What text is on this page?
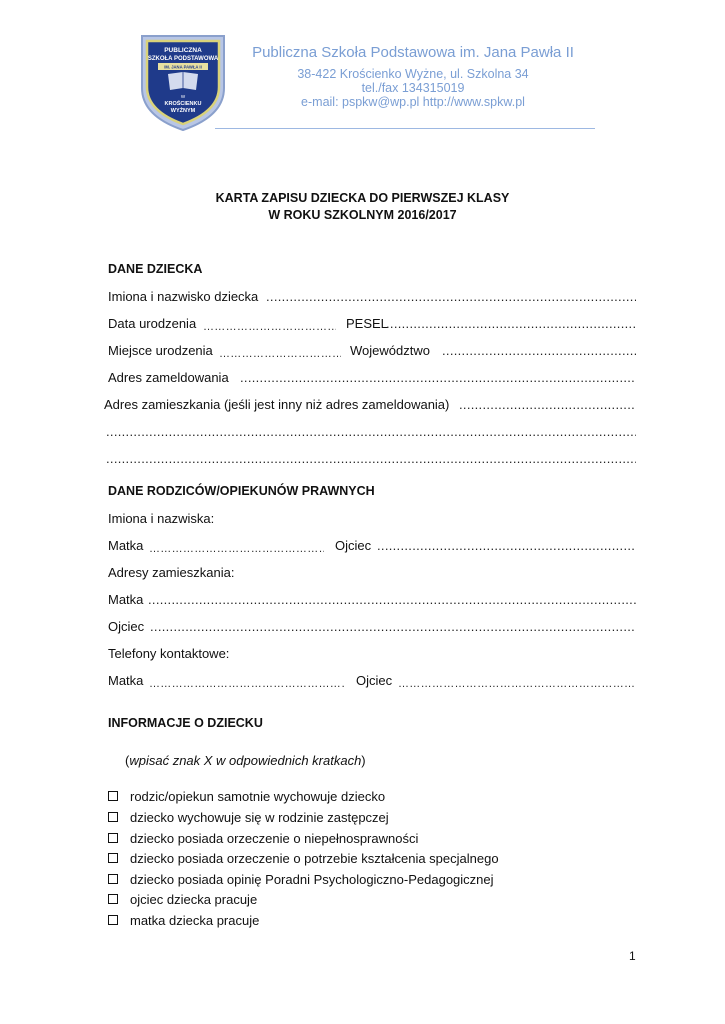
PUBLICZNA
SZKOŁA PODSTAWOWA
IM. JANA PAWŁA II
W
KROŚCIENKU
WYŻNYM
Publiczna Szkoła Podstawowa im. Jana Pawła II
38-422 Krościenko Wyżne, ul. Szkolna 34
tel./fax 134315019
e-mail: pspkw@wp.pl http://www.spkw.pl
KARTA ZAPISU DZIECKA DO PIERWSZEJ KLASY
W ROKU SZKOLNYM 2016/2017
DANE DZIECKA
Imiona i nazwisko dziecka
.....
Data urodzenia ……………………………………………………………………………………………………………………………………………	PESEL
.....
Miejsce urodzenia ……………………………………………………………………………………………………………………………………………	Województwo
.....
Adres zameldowania
.....
Adres zamieszkania (jeśli jest inny niż adres zameldowania)
.....
.....
.....
DANE RODZICÓW/OPIEKUNÓW PRAWNYCH
Imiona i nazwiska:
Matka ……………………………………………………………………………………………………………………………………………	Ojciec
.....
Adresy zamieszkania:
Matka
.....
Ojciec
.....
Telefony kontaktowe:
Matka ……………………………………………………………………………………………………………………………………………	Ojciec
……………………………………………………………………………………………………………………………………………
INFORMACJE O DZIECKU
(wpisać znak X w odpowiednich kratkach)
rodzic/opiekun samotnie wychowuje dziecko
dziecko wychowuje się w rodzinie zastępczej
dziecko posiada orzeczenie o niepełnosprawności
dziecko posiada orzeczenie o potrzebie kształcenia specjalnego
dziecko posiada opinię Poradni Psychologiczno-Pedagogicznej
ojciec dziecka pracuje
matka dziecka pracuje
1
